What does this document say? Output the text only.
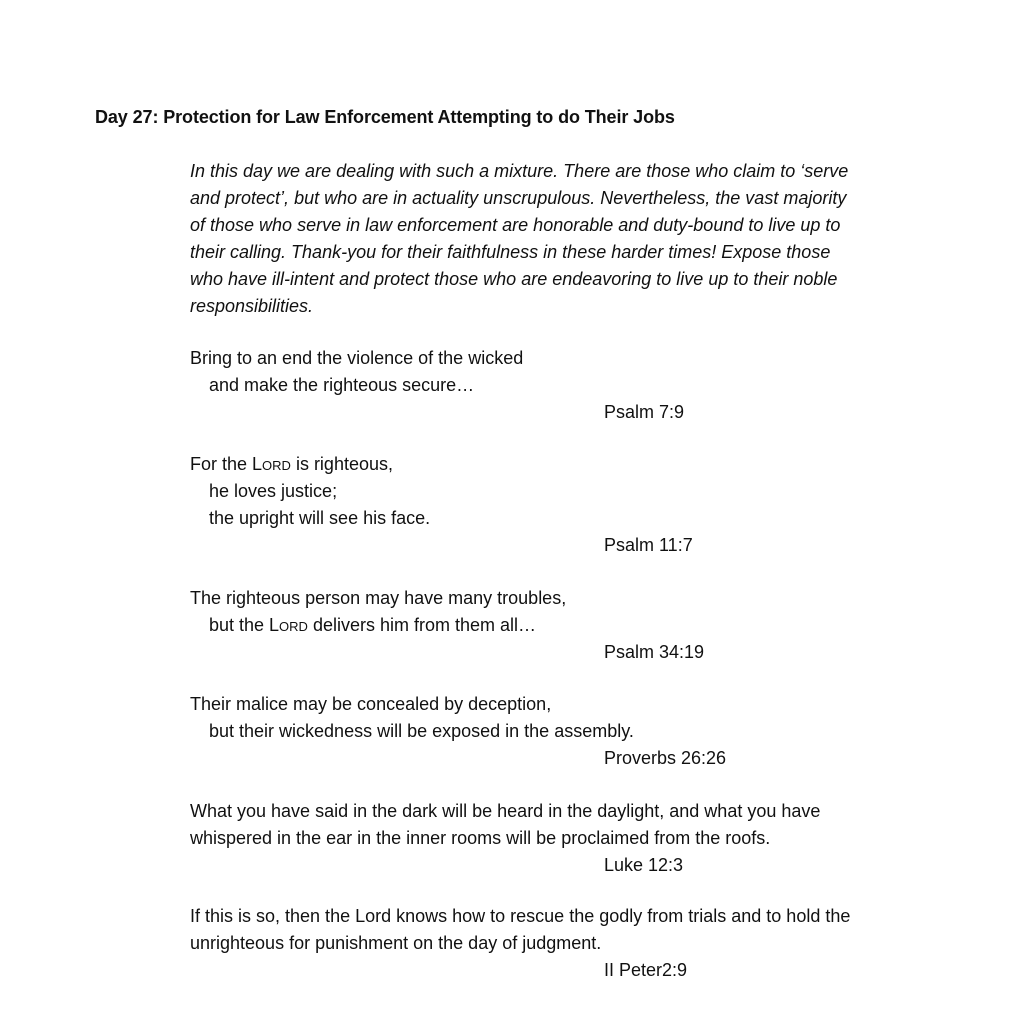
Day 27: Protection for Law Enforcement Attempting to do Their Jobs
In this day we are dealing with such a mixture. There are those who claim to ‘serve
and protect’, but who are in actuality unscrupulous. Nevertheless, the vast majority
of those who serve in law enforcement are honorable and duty-bound to live up to
their calling. Thank-you for their faithfulness in these harder times! Expose those
who have ill-intent and protect those who are endeavoring to live up to their noble
responsibilities.
Bring to an end the violence of the wicked
and make the righteous secure…
Psalm 7:9
For the Lord is righteous,
he loves justice;
the upright will see his face.
Psalm 11:7
The righteous person may have many troubles,
but the Lord delivers him from them all…
Psalm 34:19
Their malice may be concealed by deception,
but their wickedness will be exposed in the assembly.
Proverbs 26:26
What you have said in the dark will be heard in the daylight, and what you have
whispered in the ear in the inner rooms will be proclaimed from the roofs.
Luke 12:3
If this is so, then the Lord knows how to rescue the godly from trials and to hold the
unrighteous for punishment on the day of judgment.
II Peter2:9
